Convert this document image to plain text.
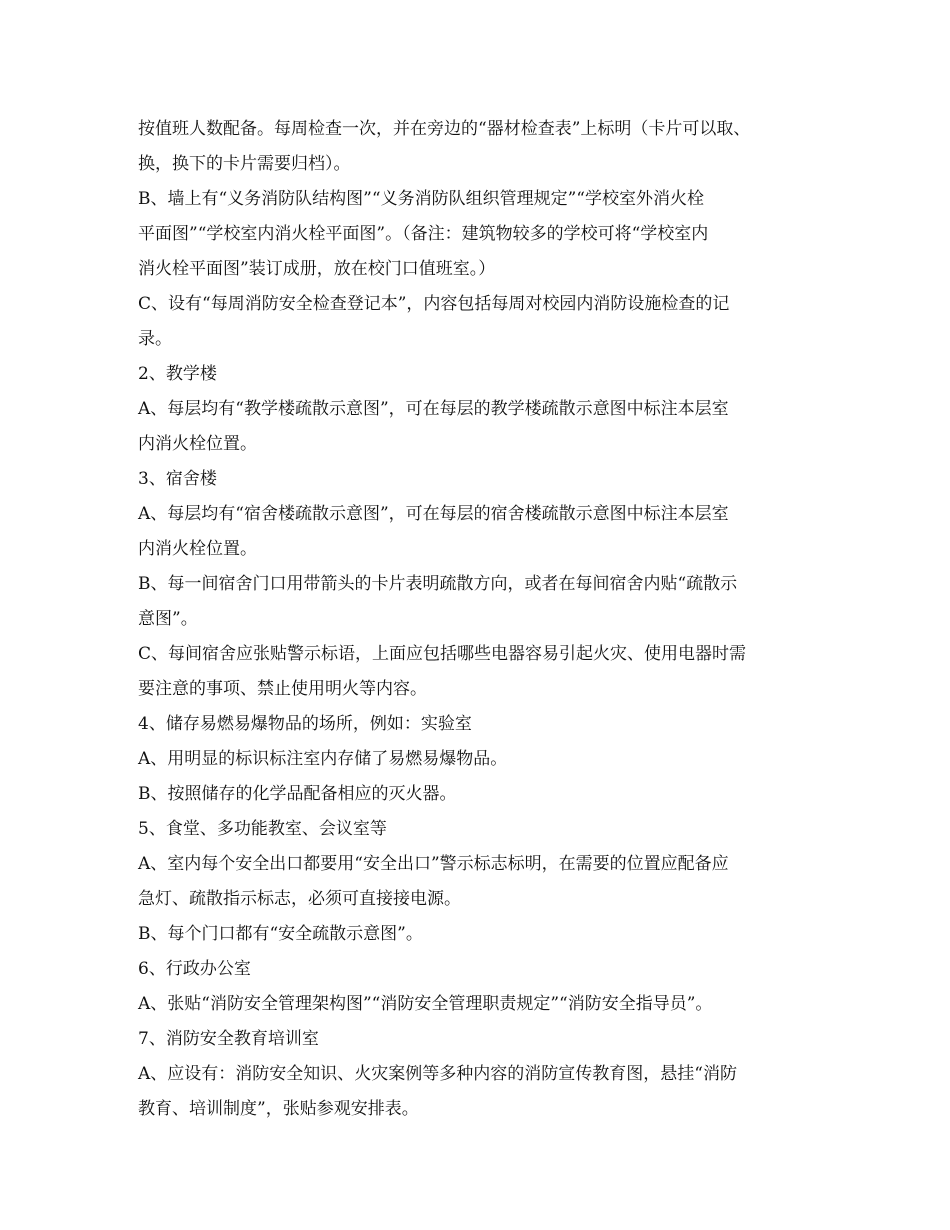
按值班人数配备。每周检查一次，并在旁边的“器材检查表”上标明（卡片可以取、

换，换下的卡片需要归档）。

B、墙上有“义务消防队结构图”“义务消防队组织管理规定”“学校室外消火栓

平面图”“学校室内消火栓平面图”。（备注：建筑物较多的学校可将“学校室内

消火栓平面图”装订成册，放在校门口值班室。）

C、设有“每周消防安全检查登记本”，内容包括每周对校园内消防设施检查的记

录。

2、教学楼

A、每层均有“教学楼疏散示意图”，可在每层的教学楼疏散示意图中标注本层室

内消火栓位置。

3、宿舍楼

A、每层均有“宿舍楼疏散示意图”，可在每层的宿舍楼疏散示意图中标注本层室

内消火栓位置。

B、每一间宿舍门口用带箭头的卡片表明疏散方向，或者在每间宿舍内贴“疏散示

意图”。

C、每间宿舍应张贴警示标语，上面应包括哪些电器容易引起火灾、使用电器时需

要注意的事项、禁止使用明火等内容。

4、储存易燃易爆物品的场所，例如：实验室

A、用明显的标识标注室内存储了易燃易爆物品。

B、按照储存的化学品配备相应的灭火器。

5、食堂、多功能教室、会议室等

A、室内每个安全出口都要用“安全出口”警示标志标明，在需要的位置应配备应

急灯、疏散指示标志，必须可直接接电源。

B、每个门口都有“安全疏散示意图”。

6、行政办公室

A、张贴“消防安全管理架构图”“消防安全管理职责规定”“消防安全指导员”。

7、消防安全教育培训室

A、应设有：消防安全知识、火灾案例等多种内容的消防宣传教育图，悬挂“消防

教育、培训制度”，张贴参观安排表。
